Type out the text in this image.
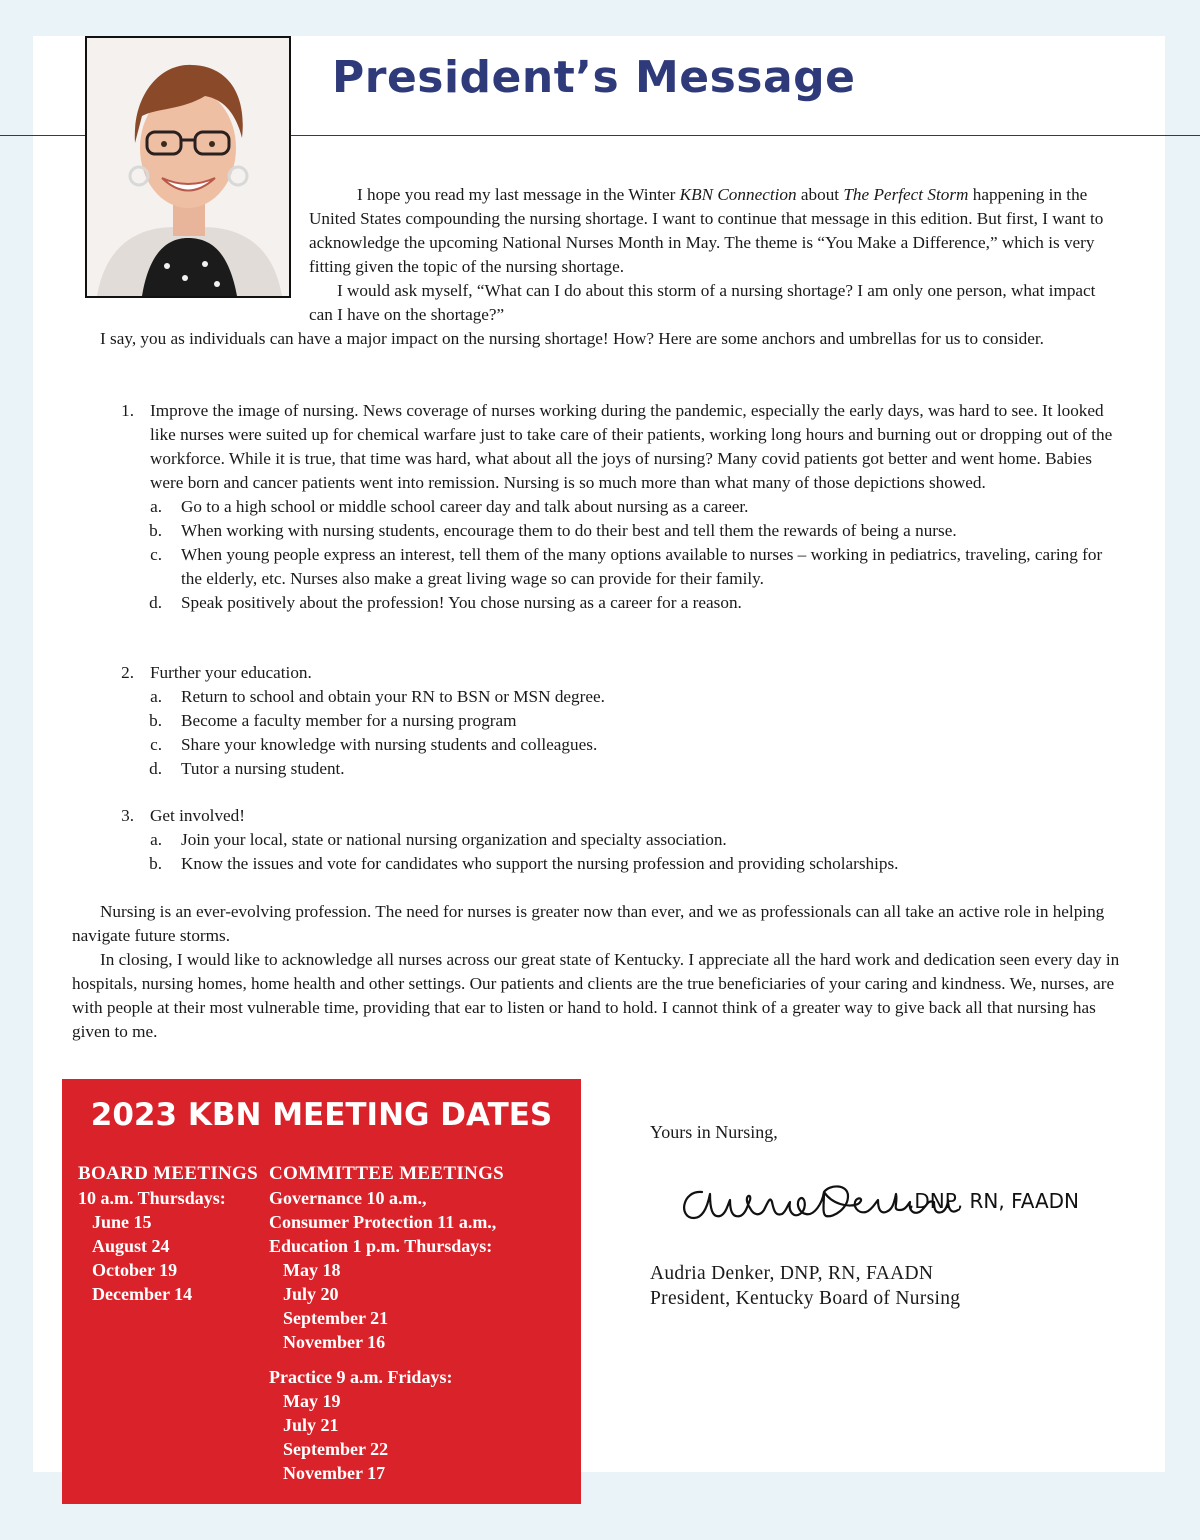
President’s Message

I hope you read my last message in the Winter KBN Connection about The Perfect Storm happening in the United States compounding the nursing shortage. I want to continue that message in this edition. But first, I want to acknowledge the upcoming National Nurses Month in May. The theme is “You Make a Difference,” which is very fitting given the topic of the nursing shortage.

I would ask myself, “What can I do about this storm of a nursing shortage? I am only one person, what impact can I have on the shortage?”

I say, you as individuals can have a major impact on the nursing shortage! How? Here are some anchors and umbrellas for us to consider.

1 .	Improve the image of nursing. News coverage of nurses working during the pandemic, especially the early days, was hard to see. It looked like nurses were suited up for chemical warfare just to take care of their patients, working long hours and burning out or dropping out of the workforce. While it is true, that time was hard, what about all the joys of nursing? Many covid patients got better and went home. Babies were born and cancer patients went into remission. Nursing is so much more than what many of those depictions showed.
a .	Go to a high school or middle school career day and talk about nursing as a career.
b .	When working with nursing students, encourage them to do their best and tell them the rewards of being a nurse.
c .	When young people express an interest, tell them of the many options available to nurses – working in pediatrics, traveling, caring for the elderly, etc. Nurses also make a great living wage so can provide for their family.
d .	Speak positively about the profession! You chose nursing as a career for a reason.
2 .	Further your education.
a .	Return to school and obtain your RN to BSN or MSN degree.
b .	Become a faculty member for a nursing program
c .	Share your knowledge with nursing students and colleagues.
d .	Tutor a nursing student.
3 .	Get involved!
a .	Join your local, state or national nursing organization and specialty association.
b .	Know the issues and vote for candidates who support the nursing profession and providing scholarships.

Nursing is an ever-evolving profession. The need for nurses is greater now than ever, and we as professionals can all take an active role in helping navigate future storms.

In closing, I would like to acknowledge all nurses across our great state of Kentucky. I appreciate all the hard work and dedication seen every day in hospitals, nursing homes, home health and other settings. Our patients and clients are the true beneficiaries of your caring and kindness. We, nurses, are with people at their most vulnerable time, providing that ear to listen or hand to hold. I cannot think of a greater way to give back all that nursing has given to me.

2023 KBN MEETING DATES
BOARD MEETINGS
10 a.m. Thursdays:
June 15
August 24
October 19
December 14
COMMITTEE MEETINGS
Governance 10 a.m.,
Consumer Protection 11 a.m.,
Education 1 p.m. Thursdays:
May 18
July 20
September 21
November 16
Practice 9 a.m. Fridays:
May 19
July 21
September 22
November 17
Yours in Nursing,
,DNP, RN, FAADN
Audria Denker, DNP, RN, FAADN
President, Kentucky Board of Nursing
